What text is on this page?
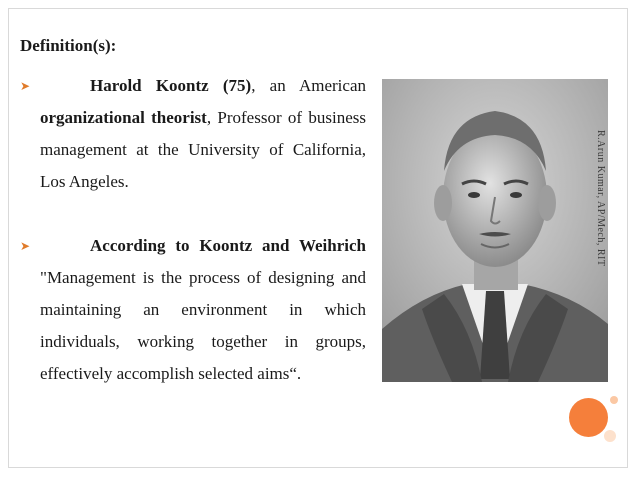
Definition(s):
➤	Harold Koontz (75), an American organizational theorist, Professor of business management at the University of California, Los Angeles.
➤	According to Koontz and Weihrich "Management is the process of designing and maintaining an environment in which individuals, working together in groups, effectively accomplish selected aims“.
R.Arun Kumar, AP/Mech, RIT
